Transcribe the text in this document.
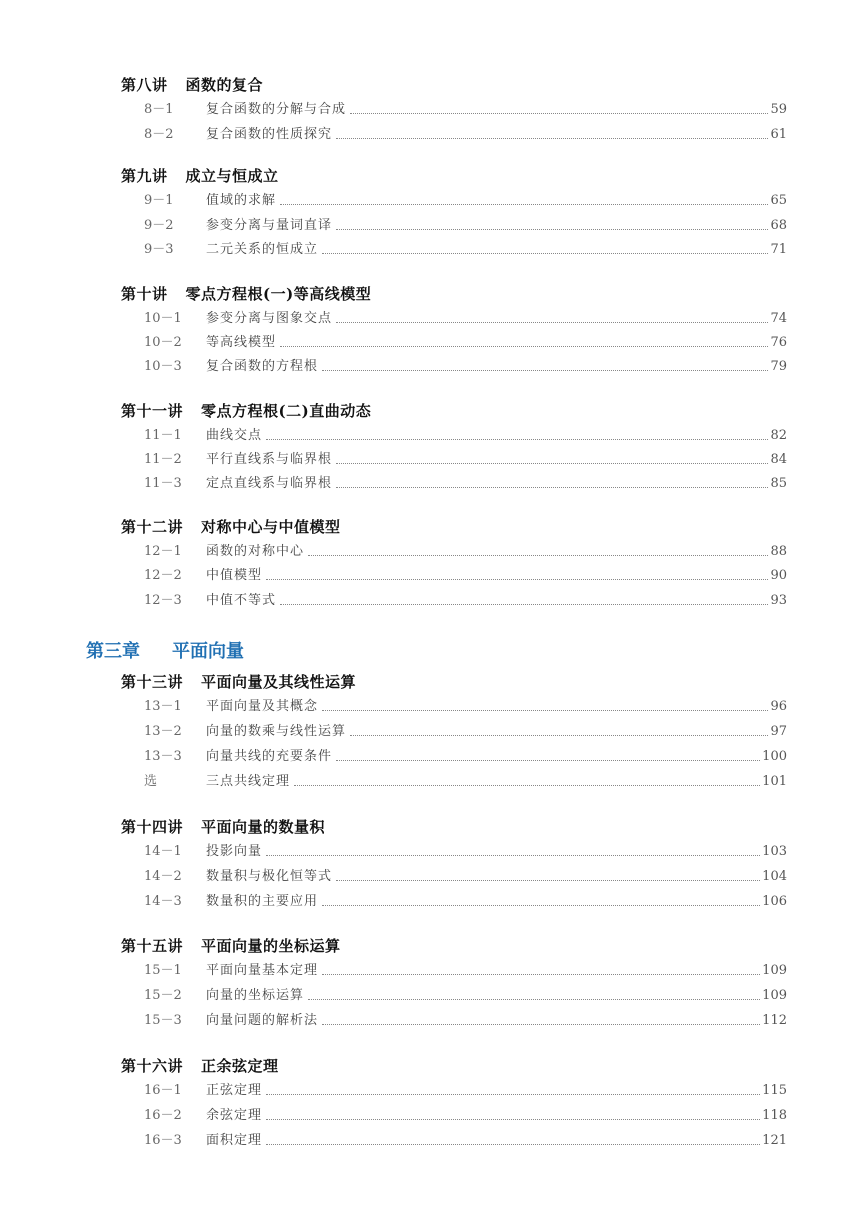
第八讲 函数的复合
8－1	复合函数的分解与合成	59
8－2	复合函数的性质探究	61
第九讲 成立与恒成立
9－1	值域的求解	65
9－2	参变分离与量词直译	68
9－3	二元关系的恒成立	71
第十讲 零点方程根(一)等高线模型
10－1	参变分离与图象交点	74
10－2	等高线模型	76
10－3	复合函数的方程根	79
第十一讲 零点方程根(二)直曲动态
11－1	曲线交点	82
11－2	平行直线系与临界根	84
11－3	定点直线系与临界根	85
第十二讲 对称中心与中值模型
12－1	函数的对称中心	88
12－2	中值模型	90
12－3	中值不等式	93
第三章 平面向量
第十三讲 平面向量及其线性运算
13－1	平面向量及其概念	96
13－2	向量的数乘与线性运算	97
13－3	向量共线的充要条件	100
选	三点共线定理	101
第十四讲 平面向量的数量积
14－1	投影向量	103
14－2	数量积与极化恒等式	104
14－3	数量积的主要应用	106
第十五讲 平面向量的坐标运算
15－1	平面向量基本定理	109
15－2	向量的坐标运算	109
15－3	向量问题的解析法	112
第十六讲 正余弦定理
16－1	正弦定理	115
16－2	余弦定理	118
16－3	面积定理	121
